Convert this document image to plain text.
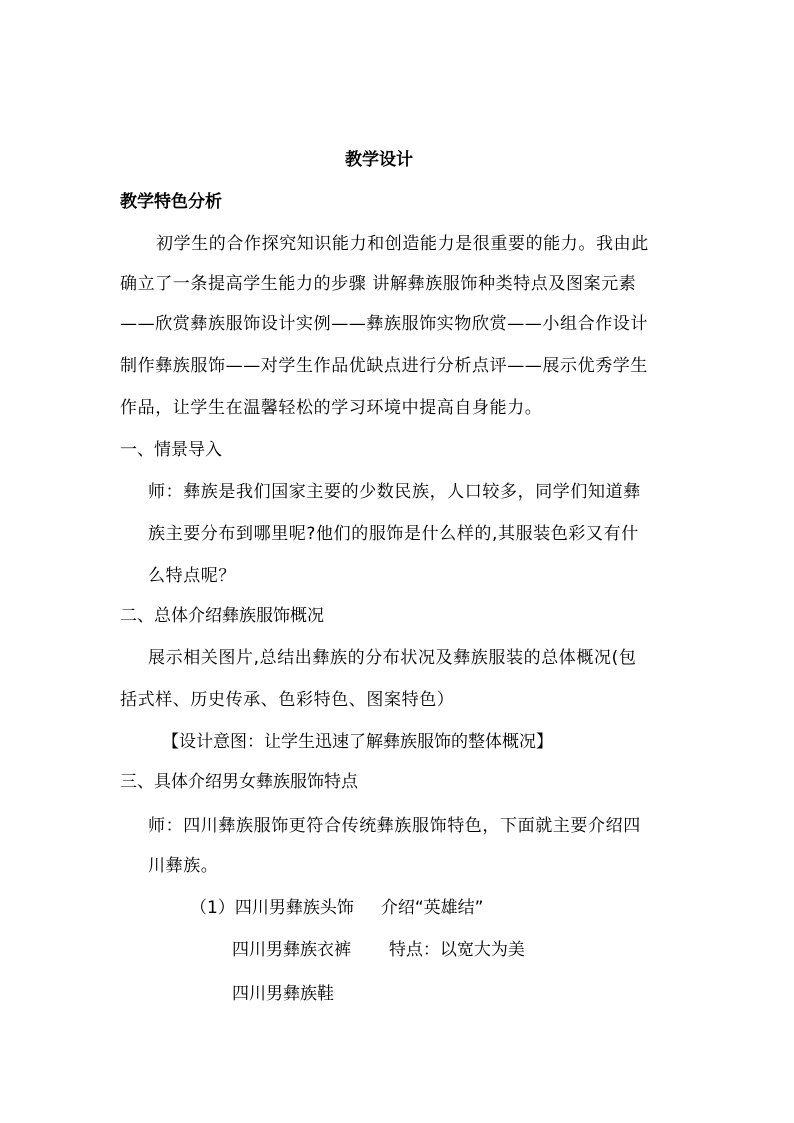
教学设计
教学特色分析
初学生的合作探究知识能力和创造能力是很重要的能力。我由此
确立了一条提高学生能力的步骤 讲解彝族服饰种类特点及图案元素
——欣赏彝族服饰设计实例——彝族服饰实物欣赏——小组合作设计
制作彝族服饰——对学生作品优缺点进行分析点评——展示优秀学生
作品，让学生在温馨轻松的学习环境中提高自身能力。
一、情景导入
师：彝族是我们国家主要的少数民族，人口较多，同学们知道彝
族主要分布到哪里呢?他们的服饰是什么样的,其服装色彩又有什
么特点呢？
二、总体介绍彝族服饰概况
展示相关图片,总结出彝族的分布状况及彝族服装的总体概况(包
括式样、历史传承、色彩特色、图案特色）
【设计意图：让学生迅速了解彝族服饰的整体概况】
三、具体介绍男女彝族服饰特点
师：四川彝族服饰更符合传统彝族服饰特色，下面就主要介绍四
川彝族。
（1）四川男彝族头饰     介绍“英雄结”
四川男彝族衣裤       特点：以宽大为美
四川男彝族鞋
